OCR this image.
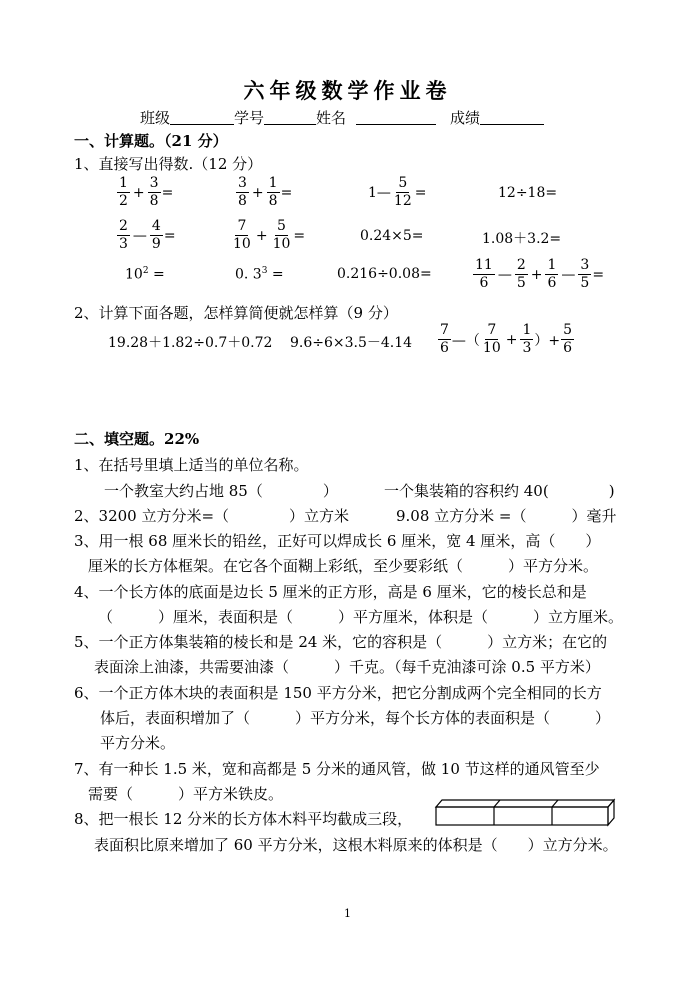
六年级数学作业卷
班级	学号	姓名	成绩
一、计算题。（21 分）
1、直接写出得数.（12 分）
$\frac{1}{2} + \frac{3}{8}$ =	$\frac{3}{8} + \frac{1}{8}$ =	1— $\frac{5}{12}$ =	12÷18=
$\frac{2}{3}$ — $\frac{4}{9}$ =	$\frac{7}{10} + \frac{5}{10}$ =	0.24×5=	1.08＋3.2=
$10^2$ =	0. $3^3$ =	0.216÷0.08=	$\frac{11}{6}$ — $\frac{2}{5} + \frac{1}{6}$ — $\frac{3}{5}$ =
2、计算下面各题，怎样算简便就怎样算（9 分）
19.28＋1.82÷0.7＋0.72 $9.6\div 6\times 3.5-4.14 \frac{7}{6}$ —（ $\frac{7}{10} + \frac{1}{3}$ ）+ $\frac{5}{6}$
二、填空题。22%
1、在括号里填上适当的单位名称。
一个教室大约占地 85（　　　　）	一个集装箱的容积约 40(　　　　)
2、3200 立方分米=（　　　　）立方米	9.08 立方分米 =（　　　）毫升
3、用一根 68 厘米长的铅丝，正好可以焊成长 6 厘米，宽 4 厘米，高（　　）
厘米的长方体框架。在它各个面糊上彩纸，至少要彩纸（　　　）平方分米。
4、一个长方体的底面是边长 5 厘米的正方形，高是 6 厘米，它的棱长总和是
（　　　）厘米，表面积是（　　　）平方厘米，体积是（　　　）立方厘米。
5、一个正方体集装箱的棱长和是 24 米，它的容积是（　　　）立方米；在它的
表面涂上油漆，共需要油漆（　　　）千克。（每千克油漆可涂 0.5 平方米）
6、一个正方体木块的表面积是 150 平方分米，把它分割成两个完全相同的长方
体后，表面积增加了（　　　）平方分米，每个长方体的表面积是（　　　）
平方分米。
7、有一种长 1.5 米，宽和高都是 5 分米的通风管，做 10 节这样的通风管至少
需要（　　　）平方米铁皮。
8、把一根长 12 分米的长方体木料平均截成三段，
表面积比原来增加了 60 平方分米，这根木料原来的体积是（　　）立方分米。
1
